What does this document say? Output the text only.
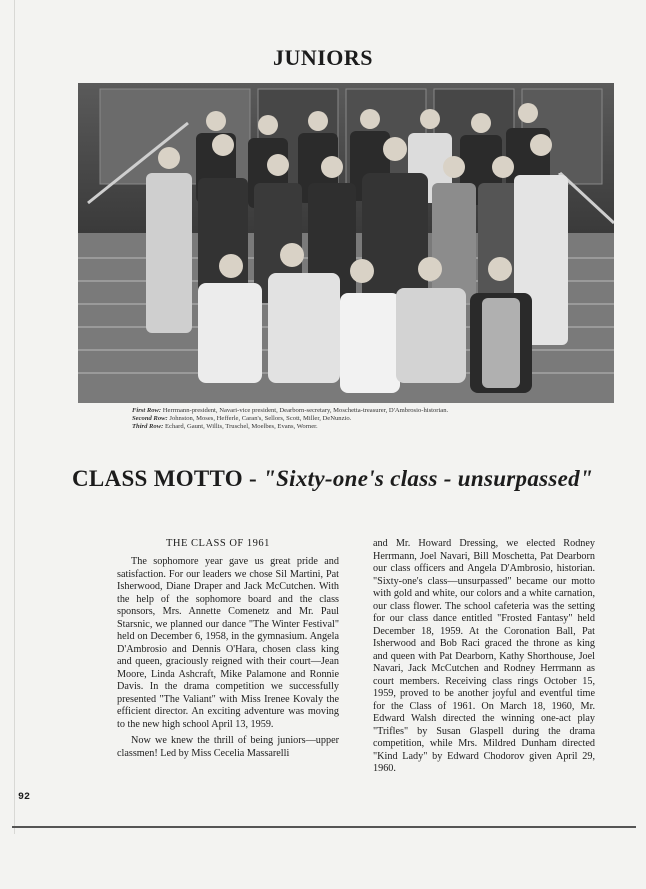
JUNIORS
First Row: Herrmann-president, Navari-vice president, Dearborn-secretary, Moschetta-treasurer, D'Ambrosio-historian.
Second Row: Johnston, Moses, Hefferle, Caran's, Sellors, Scott, Miller, DeNunzio.
Third Row: Echard, Gaunt, Willis, Truschel, Moelbes, Evans, Worner.
CLASS MOTTO - "Sixty-one's class - unsurpassed"
THE CLASS OF 1961

The sophomore year gave us great pride and satisfaction. For our leaders we chose Sil Martini, Pat Isherwood, Diane Draper and Jack McCutchen. With the help of the sophomore board and the class sponsors, Mrs. Annette Comenetz and Mr. Paul Starsnic, we planned our dance "The Winter Festival" held on December 6, 1958, in the gymnasium. Angela D'Ambrosio and Dennis O'Hara, chosen class king and queen, graciously reigned with their court—Jean Moore, Linda Ashcraft, Mike Palamone and Ronnie Davis. In the drama competition we successfully presented "The Valiant" with Miss Irenee Kovaly the efficient director. An exciting adventure was moving to the new high school April 13, 1959.

Now we knew the thrill of being juniors—upper classmen! Led by Miss Cecelia Massarelli

and Mr. Howard Dressing, we elected Rodney Herrmann, Joel Navari, Bill Moschetta, Pat Dearborn our class officers and Angela D'Ambrosio, historian. "Sixty-one's class—unsurpassed" became our motto with gold and white, our colors and a white carnation, our class flower. The school cafeteria was the setting for our class dance entitled "Frosted Fantasy" held December 18, 1959. At the Coronation Ball, Pat Isherwood and Bob Raci graced the throne as king and queen with Pat Dearborn, Kathy Shorthouse, Joel Navari, Jack McCutchen and Rodney Herrmann as court members. Receiving class rings October 15, 1959, proved to be another joyful and eventful time for the Class of 1961. On March 18, 1960, Mr. Edward Walsh directed the winning one-act play "Trifles" by Susan Glaspell during the drama competition, while Mrs. Mildred Dunham directed "Kind Lady" by Edward Chodorov given April 29, 1960.

92
